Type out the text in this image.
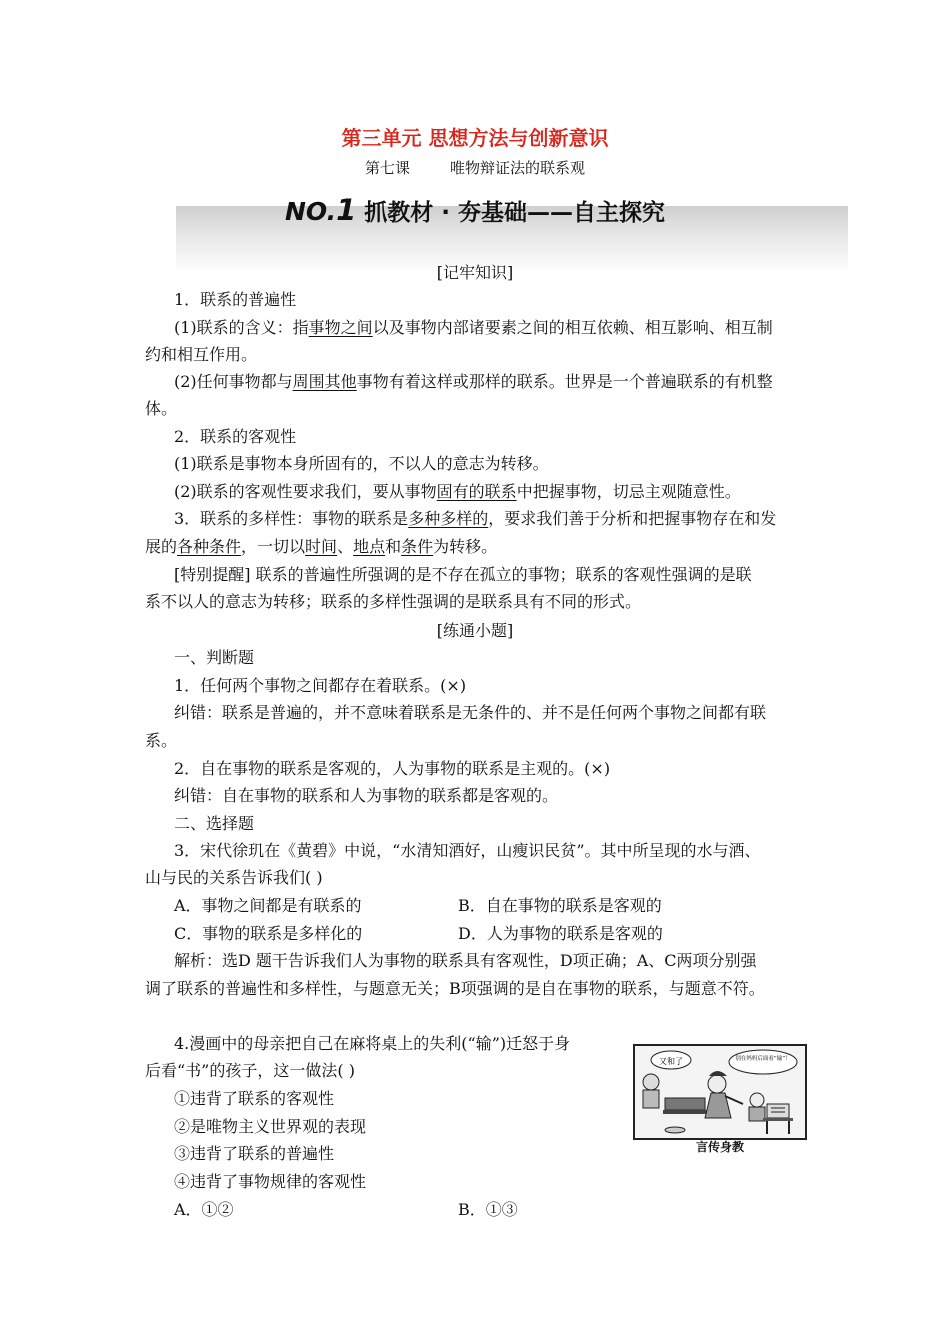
第三单元 思想方法与创新意识
第七课	唯物辩证法的联系观
NO.1 抓教材 · 夯基础——自主探究
[记牢知识]
1．联系的普遍性
(1)联系的含义：指事物之间以及事物内部诸要素之间的相互依赖、相互影响、相互制
约和相互作用。
(2)任何事物都与周围其他事物有着这样或那样的联系。世界是一个普遍联系的有机整
体。
2．联系的客观性
(1)联系是事物本身所固有的，不以人的意志为转移。
(2)联系的客观性要求我们，要从事物固有的联系中把握事物，切忌主观随意性。
3．联系的多样性：事物的联系是多种多样的，要求我们善于分析和把握事物存在和发
展的各种条件，一切以时间、地点和条件为转移。
[特别提醒] 联系的普遍性所强调的是不存在孤立的事物；联系的客观性强调的是联
系不以人的意志为转移；联系的多样性强调的是联系具有不同的形式。
[练通小题]
一、判断题
1．任何两个事物之间都存在着联系。(×)
纠错：联系是普遍的，并不意味着联系是无条件的、并不是任何两个事物之间都有联
系。
2．自在事物的联系是客观的，人为事物的联系是主观的。(×)
纠错：自在事物的联系和人为事物的联系都是客观的。
二、选择题
3．宋代徐玑在《黄碧》中说，“水清知酒好，山瘦识民贫”。其中所呈现的水与酒、
山与民的关系告诉我们( )
A．事物之间都是有联系的	B．自在事物的联系是客观的
C．事物的联系是多样化的	D．人为事物的联系是客观的
解析：选D 题干告诉我们人为事物的联系具有客观性，D项正确；A、C两项分别强
调了联系的普遍性和多样性，与题意无关；B项强调的是自在事物的联系，与题意不符。
4.漫画中的母亲把自己在麻将桌上的失利(“输”)迁怒于身
后看“书”的孩子，这一做法( )
①违背了联系的客观性
②是唯物主义世界观的表现
③违背了联系的普遍性
④违背了事物规律的客观性
A．①②	B．①③
又和了	别在妈妈后面看“输”！
言传身教
